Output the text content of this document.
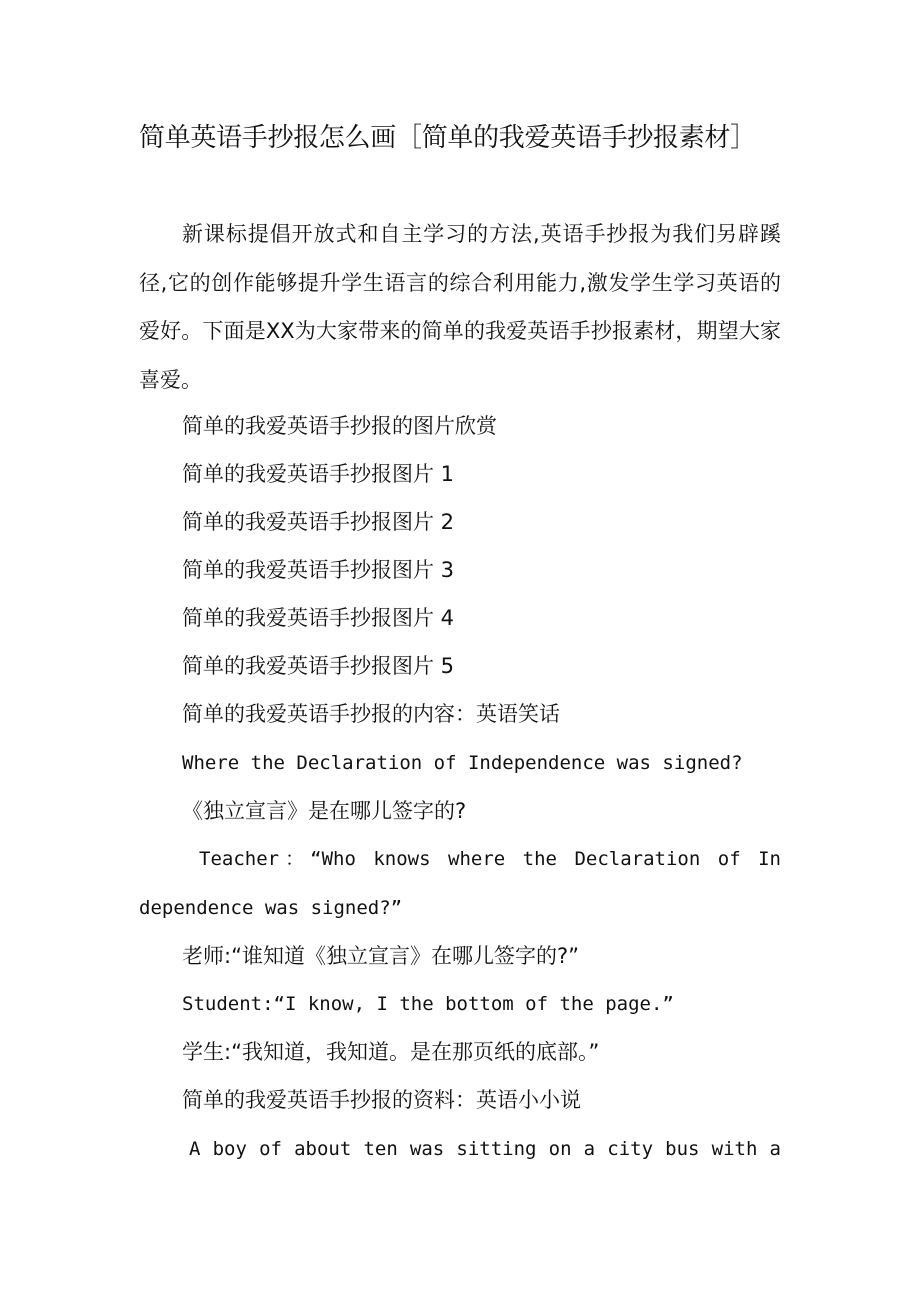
简单英语手抄报怎么画［简单的我爱英语手抄报素材］
新课标提倡开放式和自主学习的方法,英语手抄报为我们另辟蹊径,它的创作能够提升学生语言的综合利用能力,激发学生学习英语的爱好。下面是XX为大家带来的简单的我爱英语手抄报素材，期望大家喜爱。
简单的我爱英语手抄报的图片欣赏
简单的我爱英语手抄报图片 1
简单的我爱英语手抄报图片 2
简单的我爱英语手抄报图片 3
简单的我爱英语手抄报图片 4
简单的我爱英语手抄报图片 5
简单的我爱英语手抄报的内容：英语笑话
Where the Declaration of Independence was signed?
《独立宣言》是在哪儿签字的?
Teacher：“Who knows where the Declaration of In
dependence was signed?”
老师:“谁知道《独立宣言》在哪儿签字的?”
Student:“I know, I the bottom of the page.”
学生:“我知道，我知道。是在那页纸的底部。”
简单的我爱英语手抄报的资料：英语小小说
A boy of about ten was sitting on a city bus with a
